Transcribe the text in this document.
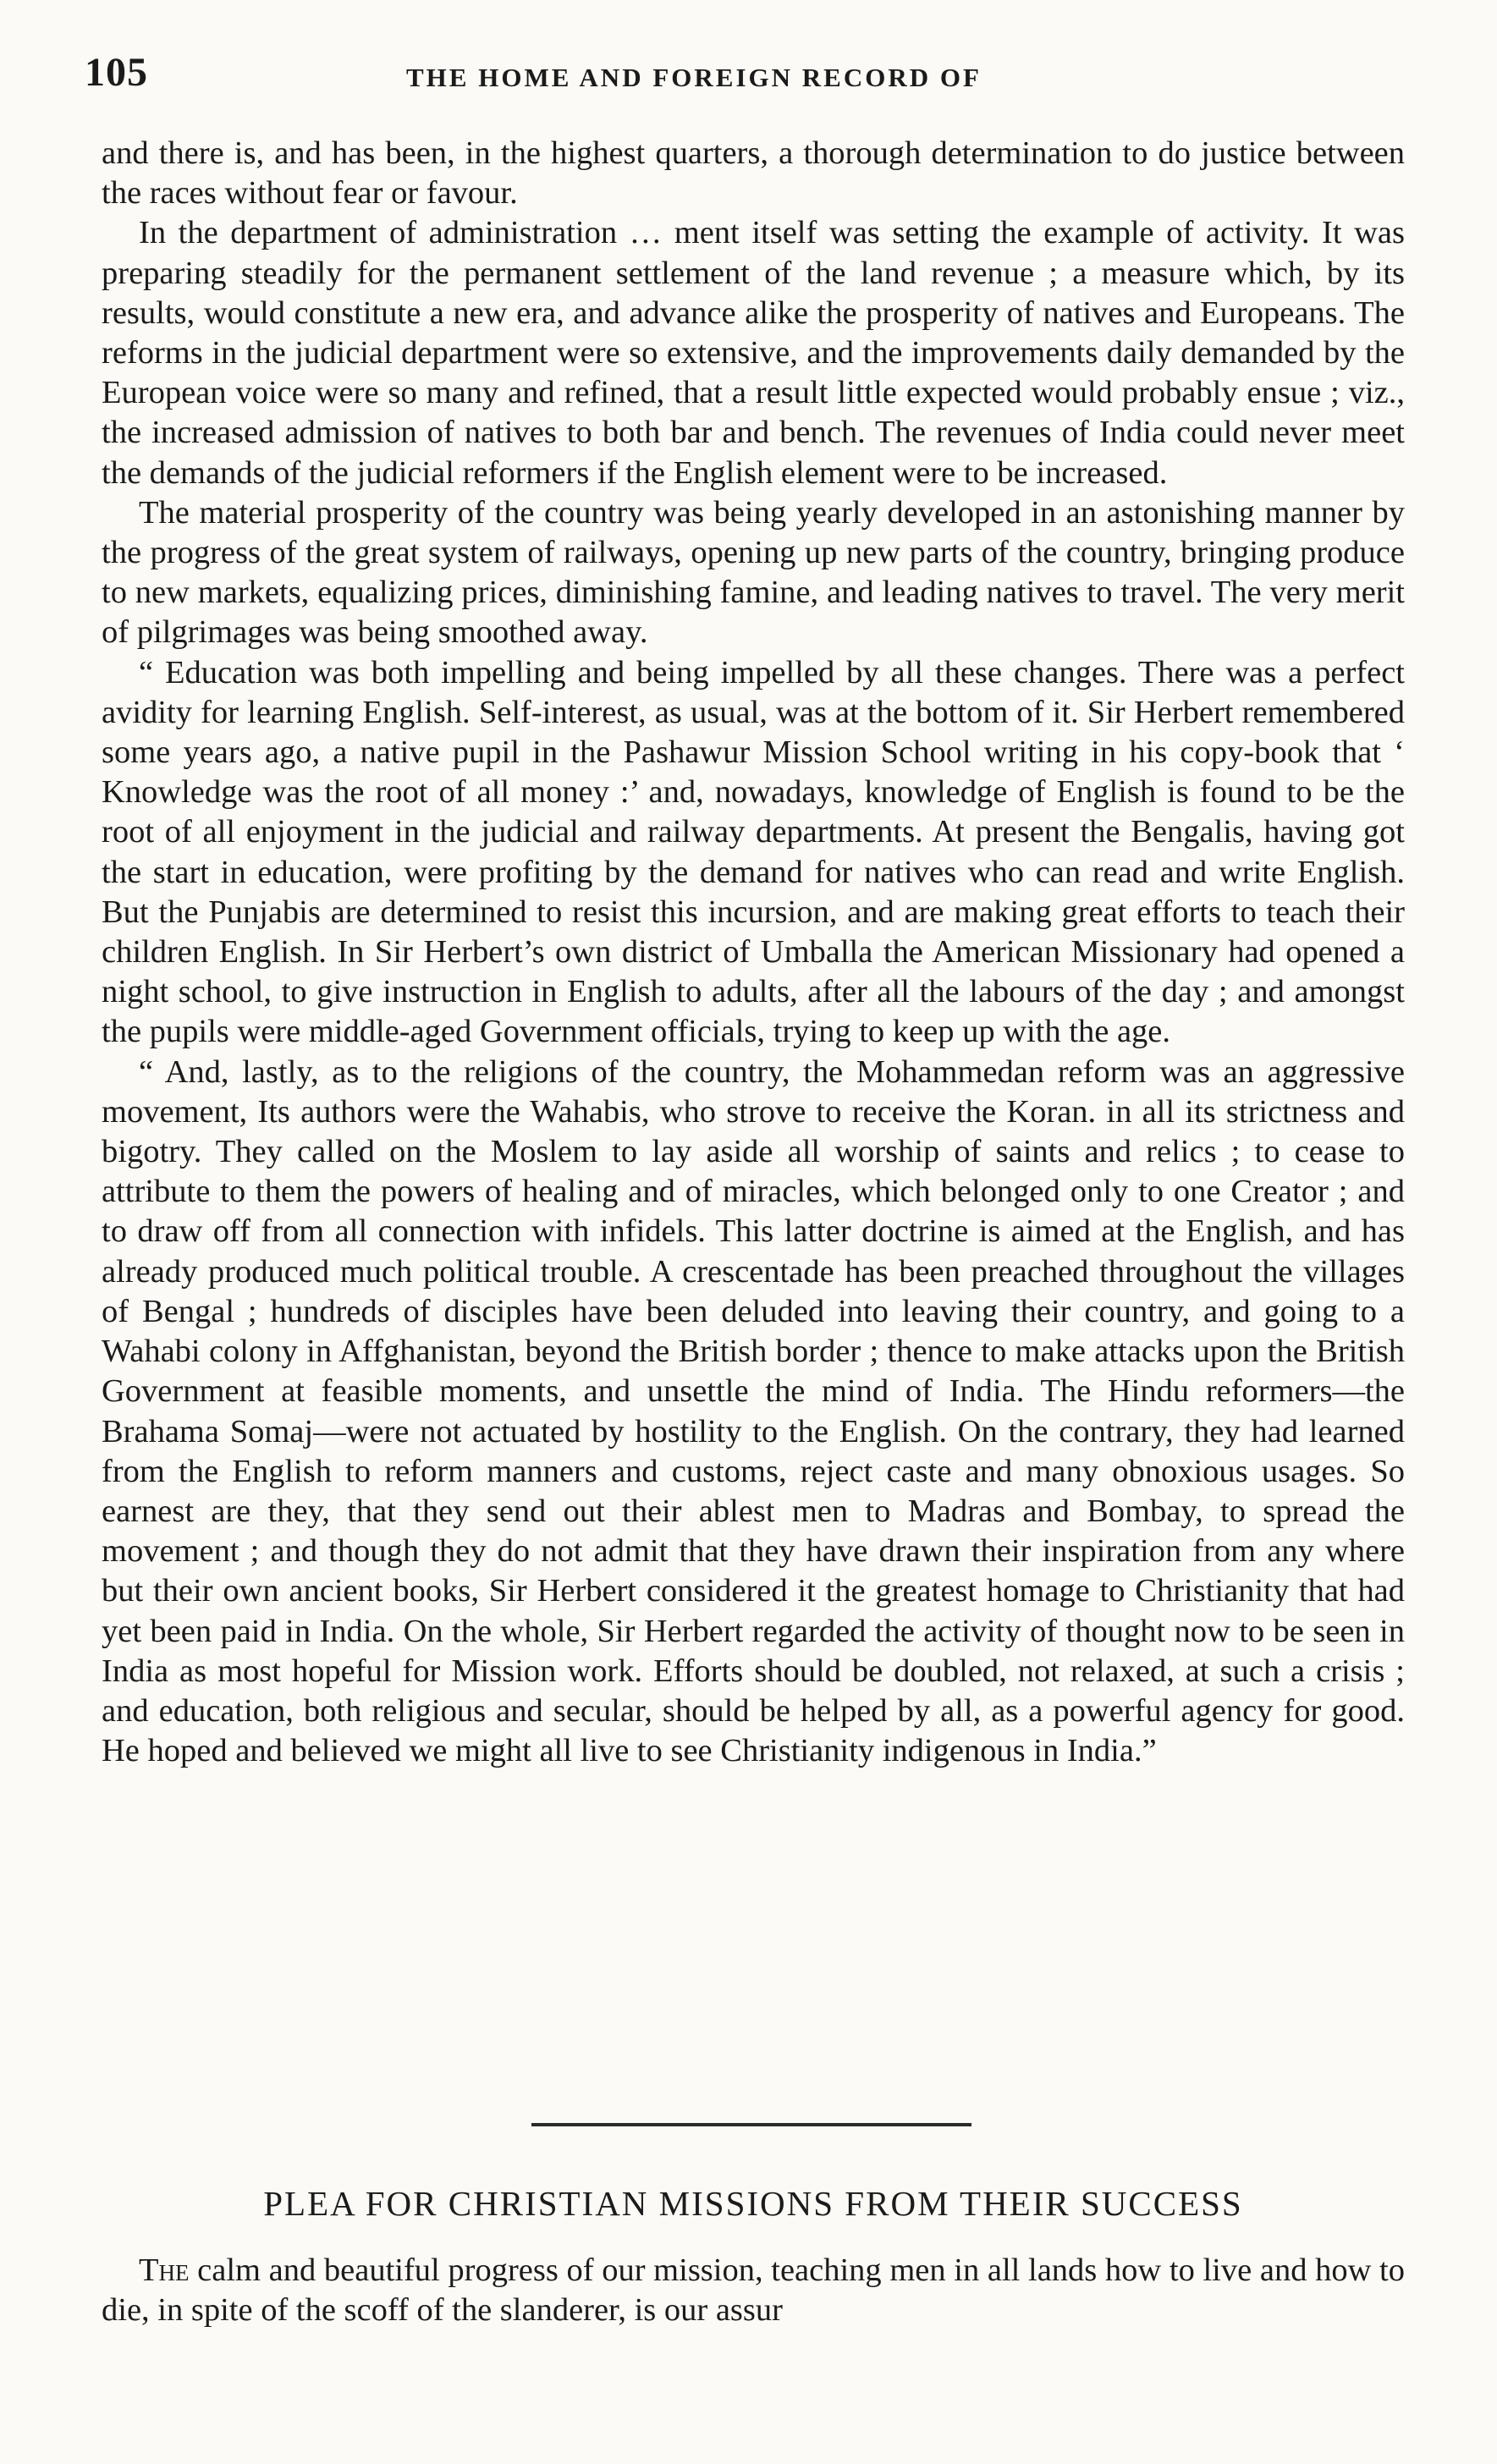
105	THE HOME AND FOREIGN RECORD OF

and there is, and has been, in the highest quarters, a thorough determination to do justice between the races without fear or favour.

In the department of administration … ment itself was setting the example of activity. It was preparing steadily for the permanent settlement of the land revenue ; a measure which, by its results, would constitute a new era, and advance alike the prosperity of natives and Europeans. The reforms in the judicial department were so extensive, and the improvements daily demanded by the European voice were so many and refined, that a result little expected would probably ensue ; viz., the increased admission of natives to both bar and bench. The revenues of India could never meet the demands of the judicial reformers if the English element were to be increased.

The material prosperity of the country was being yearly developed in an astonishing manner by the progress of the great system of railways, opening up new parts of the country, bringing produce to new markets, equalizing prices, diminishing famine, and leading natives to travel. The very merit of pilgrimages was being smoothed away.

“ Education was both impelling and being impelled by all these changes. There was a perfect avidity for learning English. Self-interest, as usual, was at the bottom of it. Sir Herbert remembered some years ago, a native pupil in the Pashawur Mission School writing in his copy-book that ‘ Knowledge was the root of all money :’ and, nowadays, knowledge of English is found to be the root of all enjoyment in the judicial and railway departments. At present the Bengalis, having got the start in education, were profiting by the demand for natives who can read and write English. But the Punjabis are determined to resist this incursion, and are making great efforts to teach their children English. In Sir Herbert’s own district of Umballa the American Missionary had opened a night school, to give instruction in English to adults, after all the labours of the day ; and amongst the pupils were middle-aged Government officials, trying to keep up with the age.

“ And, lastly, as to the religions of the country, the Mohammedan reform was an aggressive movement, Its authors were the Wahabis, who strove to receive the Koran. in all its strictness and bigotry. They called on the Moslem to lay aside all worship of saints and relics ; to cease to attribute to them the powers of healing and of miracles, which belonged only to one Creator ; and to draw off from all connection with infidels. This latter doctrine is aimed at the English, and has already produced much political trouble. A crescentade has been preached throughout the villages of Bengal ; hundreds of disciples have been deluded into leaving their country, and going to a Wahabi colony in Affghanistan, beyond the British border ; thence to make attacks upon the British Government at feasible moments, and unsettle the mind of India. The Hindu reformers—the Brahama Somaj—were not actuated by hostility to the English. On the contrary, they had learned from the English to reform manners and customs, reject caste and many obnoxious usages. So earnest are they, that they send out their ablest men to Madras and Bombay, to spread the movement ; and though they do not admit that they have drawn their inspiration from any where but their own ancient books, Sir Herbert considered it the greatest homage to Christianity that had yet been paid in India. On the whole, Sir Herbert regarded the activity of thought now to be seen in India as most hopeful for Mission work. Efforts should be doubled, not relaxed, at such a crisis ; and education, both religious and secular, should be helped by all, as a powerful agency for good. He hoped and believed we might all live to see Christianity indigenous in India.”

PLEA FOR CHRISTIAN MISSIONS FROM THEIR SUCCESS

The calm and beautiful progress of our mission, teaching men in all lands how to live and how to die, in spite of the scoff of the slanderer, is our assur
